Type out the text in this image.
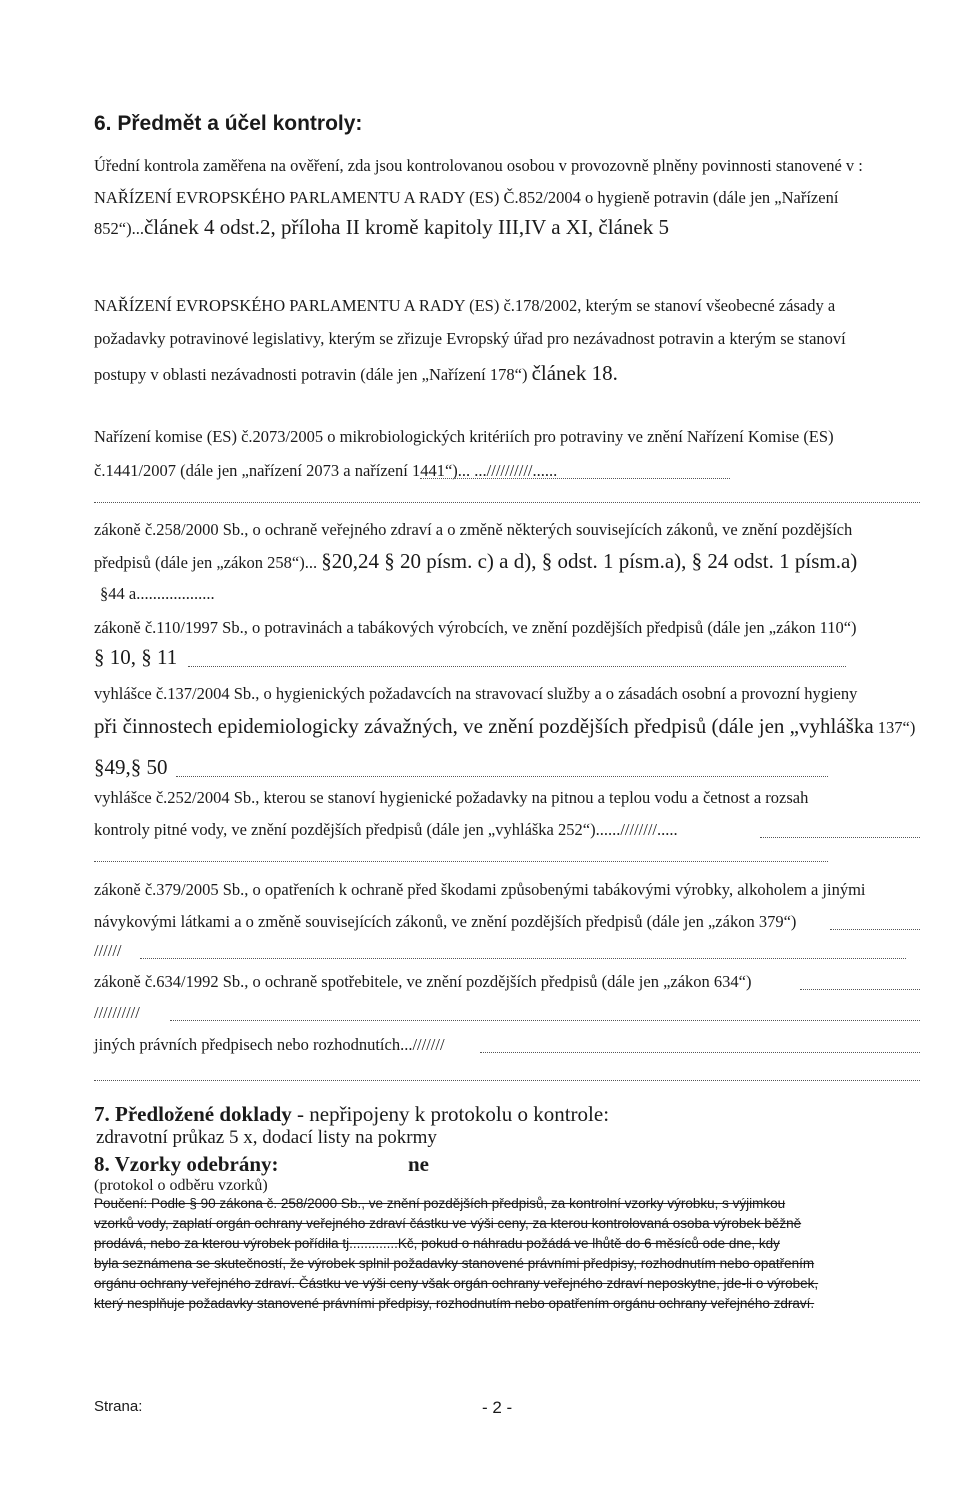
6. Předmět a účel kontroly:
Úřední kontrola zaměřena na ověření, zda jsou kontrolovanou osobou v provozovně plněny povinnosti stanovené v :
NAŘÍZENÍ EVROPSKÉHO PARLAMENTU A RADY (ES) Č.852/2004 o hygieně potravin (dále jen „Nařízení
852“)...článek 4 odst.2, příloha II kromě kapitoly III,IV a XI, článek 5
NAŘÍZENÍ EVROPSKÉHO PARLAMENTU A RADY (ES) č.178/2002, kterým se stanoví všeobecné zásady a
požadavky potravinové legislativy, kterým se zřizuje Evropský úřad pro nezávadnost potravin a kterým se stanoví
postupy v oblasti nezávadnosti potravin (dále jen „Nařízení 178“) článek 18.
Nařízení komise (ES) č.2073/2005 o mikrobiologických kritériích pro potraviny ve znění Nařízení Komise (ES)
č.1441/2007 (dále jen „nařízení 2073 a nařízení 1441“)... ...//////////......
zákoně č.258/2000 Sb., o ochraně veřejného zdraví a o změně některých souvisejících zákonů, ve znění pozdějších
předpisů (dále jen „zákon 258“)... §20,24 § 20 písm. c) a d), § odst. 1 písm.a), § 24 odst. 1 písm.a)
§44 a...................
zákoně č.110/1997 Sb., o potravinách a tabákových výrobcích, ve znění pozdějších předpisů (dále jen „zákon 110“)
§ 10, § 11
vyhlášce č.137/2004 Sb., o hygienických požadavcích na stravovací služby a o zásadách osobní a provozní hygieny
při činnostech epidemiologicky závažných, ve znění pozdějších předpisů (dále jen „vyhláška 137“)
§49,§ 50
vyhlášce č.252/2004 Sb., kterou se stanoví hygienické požadavky na pitnou a teplou vodu a četnost a rozsah
kontroly pitné vody, ve znění pozdějších předpisů (dále jen „vyhláška 252“)......////////.....
zákoně č.379/2005 Sb., o opatřeních k ochraně před škodami způsobenými tabákovými výrobky, alkoholem a jinými
návykovými látkami a o změně souvisejících zákonů, ve znění pozdějších předpisů (dále jen „zákon 379“)
//////
zákoně č.634/1992 Sb., o ochraně spotřebitele, ve znění pozdějších předpisů (dále jen „zákon 634“)
//////////
jiných právních předpisech nebo rozhodnutích...///////
7. Předložené doklady - nepřipojeny k protokolu o kontrole:
zdravotní průkaz 5 x, dodací listy na pokrmy
8. Vzorky odebrány:	ne
(protokol o odběru vzorků)
Poučení: Podle § 90 zákona č. 258/2000 Sb., ve znění pozdějších předpisů, za kontrolní vzorky výrobku, s výjimkou
vzorků vody, zaplatí orgán ochrany veřejného zdraví částku ve výši ceny, za kterou kontrolovaná osoba výrobek běžně
prodává, nebo za kterou výrobek pořídila tj.............Kč, pokud o náhradu požádá ve lhůtě do 6 měsíců ode dne, kdy
byla seznámena se skutečností, že výrobek splnil požadavky stanovené právními předpisy, rozhodnutím nebo opatřením
orgánu ochrany veřejného zdraví. Částku ve výši ceny však orgán ochrany veřejného zdraví neposkytne, jde-li o výrobek,
který nesplňuje požadavky stanovené právními předpisy, rozhodnutím nebo opatřením orgánu ochrany veřejného zdraví.
Strana:	- 2 -
